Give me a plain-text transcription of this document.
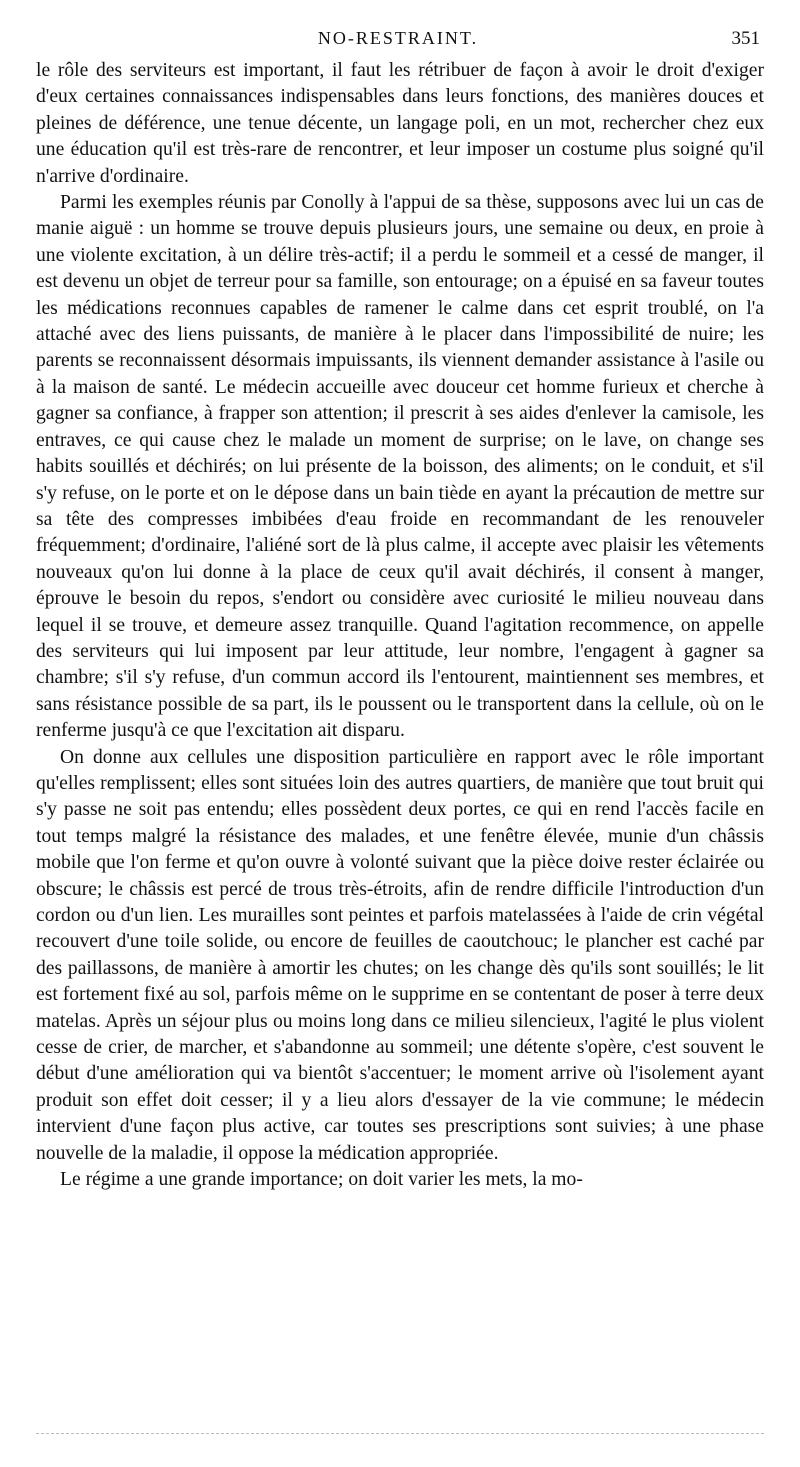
NO-RESTRAINT.	351

le rôle des serviteurs est important, il faut les rétribuer de façon à avoir le droit d'exiger d'eux certaines connaissances indispensables dans leurs fonctions, des manières douces et pleines de déférence, une tenue décente, un langage poli, en un mot, rechercher chez eux une éducation qu'il est très-rare de rencontrer, et leur imposer un costume plus soigné qu'il n'arrive d'ordinaire.

Parmi les exemples réunis par Conolly à l'appui de sa thèse, supposons avec lui un cas de manie aiguë : un homme se trouve depuis plusieurs jours, une semaine ou deux, en proie à une violente excitation, à un délire très-actif; il a perdu le sommeil et a cessé de manger, il est devenu un objet de terreur pour sa famille, son entourage; on a épuisé en sa faveur toutes les médications reconnues capables de ramener le calme dans cet esprit troublé, on l'a attaché avec des liens puissants, de manière à le placer dans l'impossibilité de nuire; les parents se reconnaissent désormais impuissants, ils viennent demander assistance à l'asile ou à la maison de santé. Le médecin accueille avec douceur cet homme furieux et cherche à gagner sa confiance, à frapper son attention; il prescrit à ses aides d'enlever la camisole, les entraves, ce qui cause chez le malade un moment de surprise; on le lave, on change ses habits souillés et déchirés; on lui présente de la boisson, des aliments; on le conduit, et s'il s'y refuse, on le porte et on le dépose dans un bain tiède en ayant la précaution de mettre sur sa tête des compresses imbibées d'eau froide en recommandant de les renouveler fréquemment; d'ordinaire, l'aliéné sort de là plus calme, il accepte avec plaisir les vêtements nouveaux qu'on lui donne à la place de ceux qu'il avait déchirés, il consent à manger, éprouve le besoin du repos, s'endort ou considère avec curiosité le milieu nouveau dans lequel il se trouve, et demeure assez tranquille. Quand l'agitation recommence, on appelle des serviteurs qui lui imposent par leur attitude, leur nombre, l'engagent à gagner sa chambre; s'il s'y refuse, d'un commun accord ils l'entourent, maintiennent ses membres, et sans résistance possible de sa part, ils le poussent ou le transportent dans la cellule, où on le renferme jusqu'à ce que l'excitation ait disparu.

On donne aux cellules une disposition particulière en rapport avec le rôle important qu'elles remplissent; elles sont situées loin des autres quartiers, de manière que tout bruit qui s'y passe ne soit pas entendu; elles possèdent deux portes, ce qui en rend l'accès facile en tout temps malgré la résistance des malades, et une fenêtre élevée, munie d'un châssis mobile que l'on ferme et qu'on ouvre à volonté suivant que la pièce doive rester éclairée ou obscure; le châssis est percé de trous très-étroits, afin de rendre difficile l'introduction d'un cordon ou d'un lien. Les murailles sont peintes et parfois matelassées à l'aide de crin végétal recouvert d'une toile solide, ou encore de feuilles de caoutchouc; le plancher est caché par des paillassons, de manière à amortir les chutes; on les change dès qu'ils sont souillés; le lit est fortement fixé au sol, parfois même on le supprime en se contentant de poser à terre deux matelas. Après un séjour plus ou moins long dans ce milieu silencieux, l'agité le plus violent cesse de crier, de marcher, et s'abandonne au sommeil; une détente s'opère, c'est souvent le début d'une amélioration qui va bientôt s'accentuer; le moment arrive où l'isolement ayant produit son effet doit cesser; il y a lieu alors d'essayer de la vie commune; le médecin intervient d'une façon plus active, car toutes ses prescriptions sont suivies; à une phase nouvelle de la maladie, il oppose la médication appropriée.

Le régime a une grande importance; on doit varier les mets, la mo-
